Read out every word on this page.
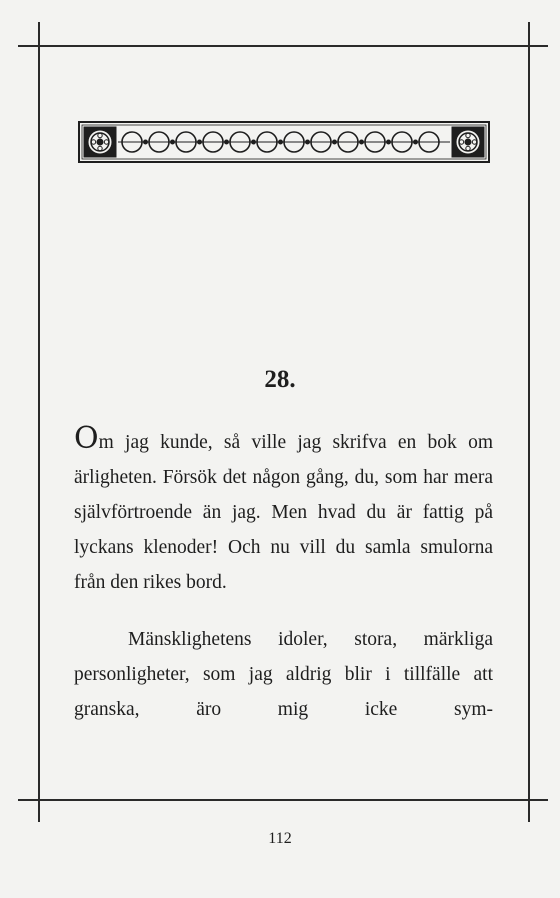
28.

Om jag kunde, så ville jag skrifva en bok om ärligheten. Försök det någon gång, du, som har mera självförtroende än jag. Men hvad du är fattig på lyckans klenoder! Och nu vill du samla smulorna från den rikes bord.

Mänsklighetens idoler, stora, märkliga personligheter, som jag aldrig blir i tillfälle att granska, äro mig icke sym-

112
